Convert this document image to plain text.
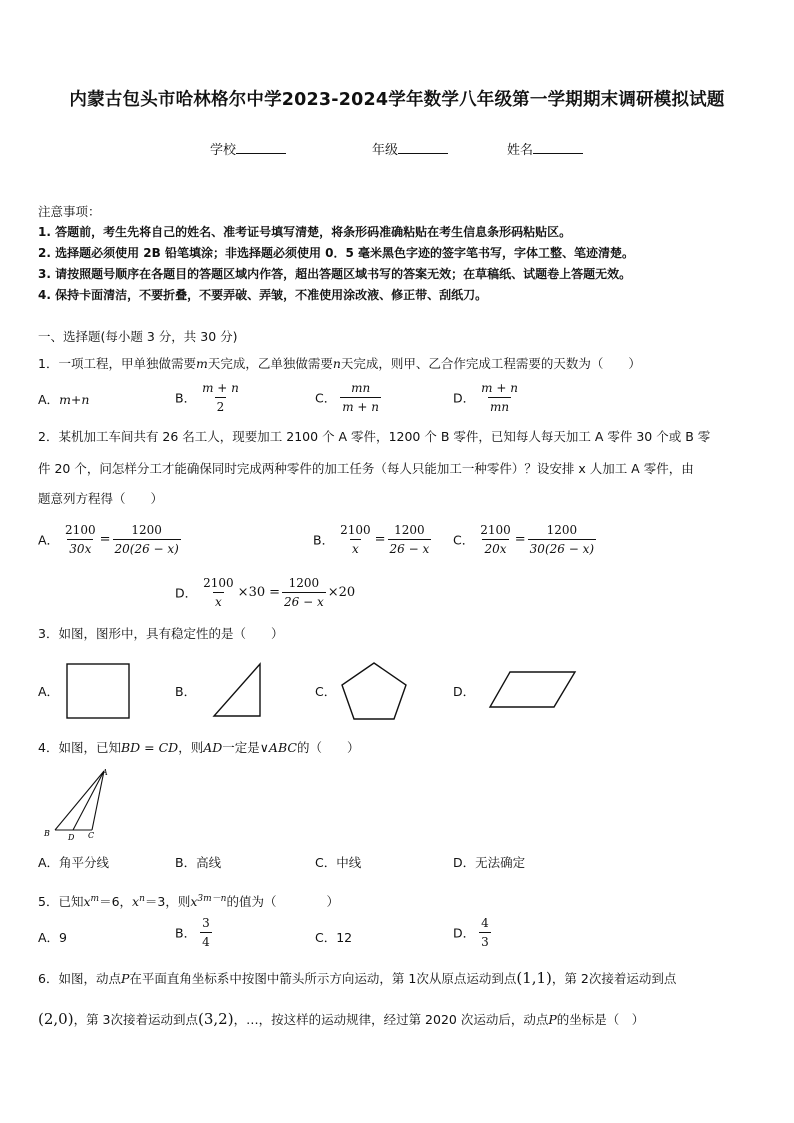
内蒙古包头市哈林格尔中学2023-2024学年数学八年级第一学期期末调研模拟试题
学校	年级	姓名
注意事项：
1. 答题前，考生先将自己的姓名、准考证号填写清楚，将条形码准确粘贴在考生信息条形码粘贴区。
2. 选择题必须使用 2B 铅笔填涂；非选择题必须使用 0．5 毫米黑色字迹的签字笔书写，字体工整、笔迹清楚。
3. 请按照题号顺序在各题目的答题区域内作答，超出答题区域书写的答案无效；在草稿纸、试题卷上答题无效。
4. 保持卡面清洁，不要折叠，不要弄破、弄皱，不准使用涂改液、修正带、刮纸刀。
一、选择题(每小题 3 分，共 30 分)
1．一项工程，甲单独做需要m天完成，乙单独做需要n天完成，则甲、乙合作完成工程需要的天数为（　　）
A．m+n	B． $\frac{m + n}{2}$	C． $\frac{mn}{m + n}$	D． $\frac{m + n}{mn}$
2．某机加工车间共有 26 名工人，现要加工 2100 个 A 零件，1200 个 B 零件，已知每人每天加工 A 零件 30 个或 B 零
件 20 个，问怎样分工才能确保同时完成两种零件的加工任务（每人只能加工一种零件）？设安排 x 人加工 A 零件，由
题意列方程得（　　）
A． $\frac{2100}{30x} = \frac{1200}{20(26 - x)}$	B． $\frac{2100}{x} = \frac{1200}{26 - x}$ C． $\frac{2100}{20x} = \frac{1200}{30(26 - x)}$
D． $\frac{2100}{x} \times 30 = \frac{1200}{26 - x} \times 20$
3．如图，图形中，具有稳定性的是（　　）
A．	B．	C．	D．
4．如图，已知BD = CD，则AD一定是∨ABC的（　　）
A
B D C
A．角平分线	B．高线	C．中线	D．无法确定
5．已知$x^m=6$，$x^n=3$，则$x^{3m-n}$的值为（　　　　）
A．9	B． $\frac{3}{4}$	C．12	D． $\frac{4}{3}$
6．如图，动点P在平面直角坐标系中按图中箭头所示方向运动，第 1次从原点运动到点(1,1)，第 2次接着运动到点
(2,0)，第 3次接着运动到点(3,2)，…，按这样的运动规律，经过第 2020 次运动后，动点P的坐标是（　）
